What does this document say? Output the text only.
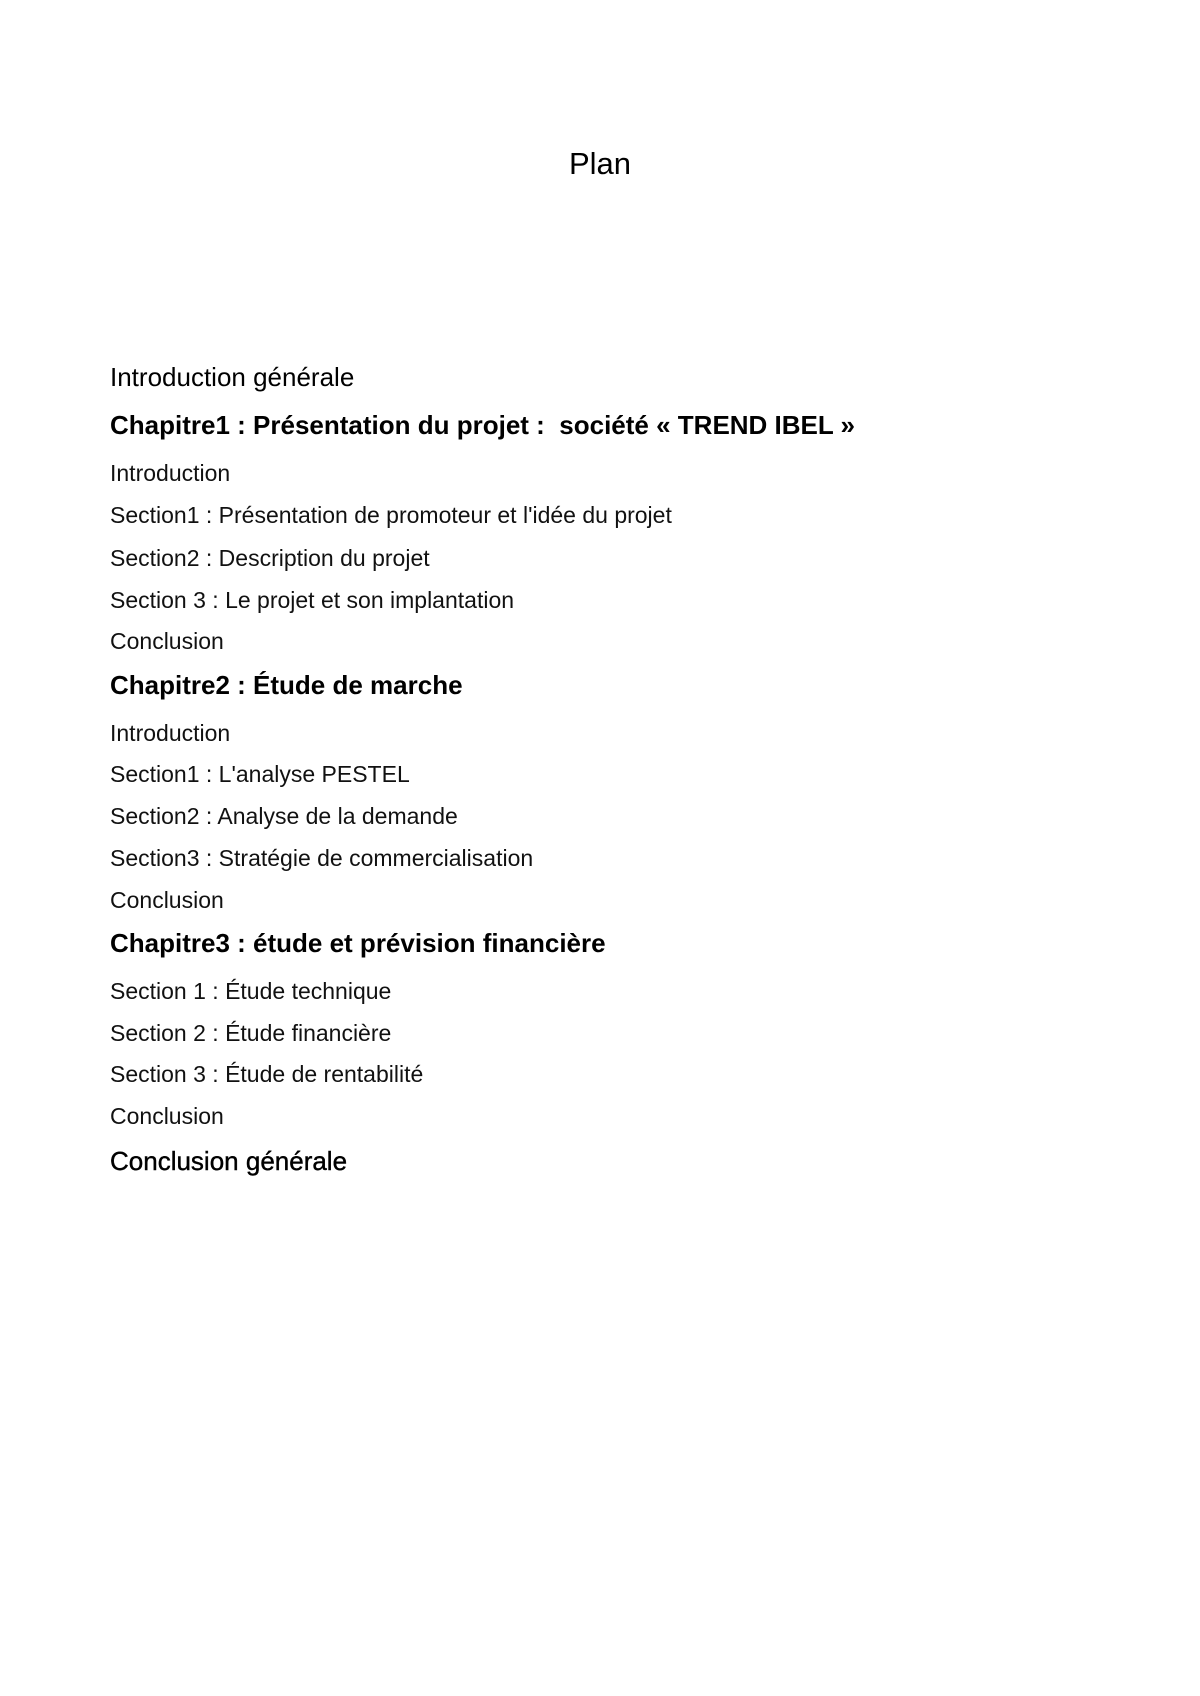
Plan
Introduction générale
Chapitre1 : Présentation du projet :  société « TREND IBEL »
Introduction
Section1 : Présentation de promoteur et l'idée du projet
Section2 : Description du projet
Section 3 : Le projet et son implantation
Conclusion
Chapitre2 : Étude de marche
Introduction
Section1 : L'analyse PESTEL
Section2 : Analyse de la demande
Section3 : Stratégie de commercialisation
Conclusion
Chapitre3 : étude et prévision financière
Section 1 : Étude technique
Section 2 : Étude financière
Section 3 : Étude de rentabilité
Conclusion
Conclusion générale
